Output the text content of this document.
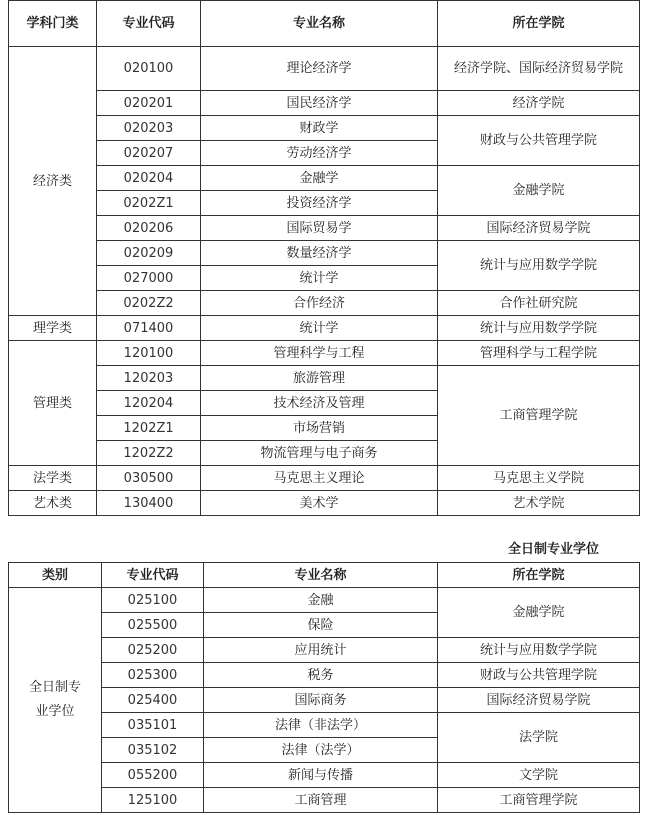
学科门类	专业代码	专业名称	所在学院
经济类	020100	理论经济学	经济学院、国际经济贸易学院
	020201	国民经济学	经济学院
	020203	财政学	财政与公共管理学院
	020207	劳动经济学	
	020204	金融学	金融学院
	0202Z1	投资经济学	
	020206	国际贸易学	国际经济贸易学院
	020209	数量经济学	统计与应用数学学院
	027000	统计学	
	0202Z2	合作经济	合作社研究院
理学类	071400	统计学	统计与应用数学学院
管理类	120100	管理科学与工程	管理科学与工程学院
	120203	旅游管理	工商管理学院
	120204	技术经济及管理	
	1202Z1	市场营销	
	1202Z2	物流管理与电子商务	
法学类	030500	马克思主义理论	马克思主义学院
艺术类	130400	美术学	艺术学院
全日制专业学位
类别	专业代码	专业名称	所在学院
全日制专业学位	025100	金融	金融学院
	025500	保险	
	025200	应用统计	统计与应用数学学院
	025300	税务	财政与公共管理学院
	025400	国际商务	国际经济贸易学院
	035101	法律（非法学）	法学院
	035102	法律（法学）	
	055200	新闻与传播	文学院
	125100	工商管理	工商管理学院
